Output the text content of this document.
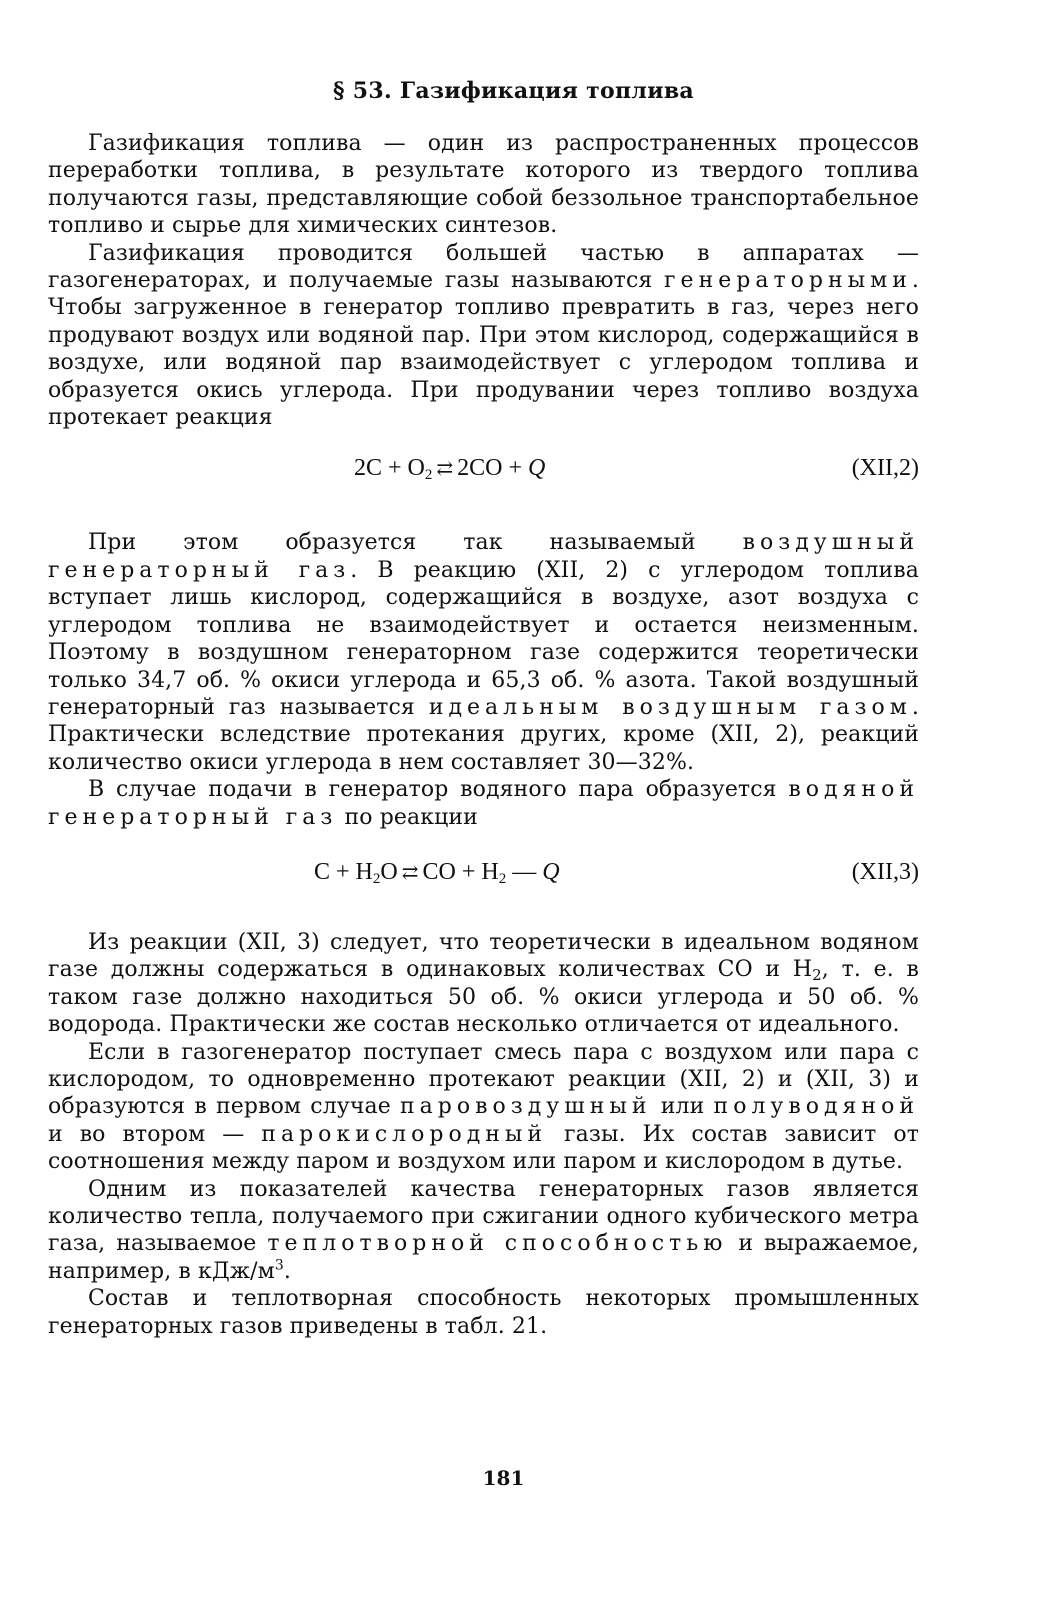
§ 53. Газификация топлива

Газификация топлива — один из распространенных процессов переработки топлива, в результате которого из твердого топлива получаются газы, представляющие собой беззольное транспортабельное топливо и сырье для химических синтезов.

Газификация проводится большей частью в аппаратах — газогенераторах, и получаемые газы называются генераторными. Чтобы загруженное в генератор топливо превратить в газ, через него продувают воздух или водяной пар. При этом кислород, содержащийся в воздухе, или водяной пар взаимодействует с углеродом топлива и образуется окись углерода. При продувании через топливо воздуха протекает реакция

$2C + O_2$ ⇄ 2CO + Q	(XII,2)

При этом образуется так называемый воздушный генераторный газ. В реакцию (XII, 2) с углеродом топлива вступает лишь кислород, содержащийся в воздухе, азот воздуха с углеродом топлива не взаимодействует и остается неизменным. Поэтому в воздушном генераторном газе содержится теоретически только 34,7 об. % окиси углерода и 65,3 об. % азота. Такой воздушный генераторный газ называется идеальным воздушным газом. Практически вследствие протекания других, кроме (XII, 2), реакций количество окиси углерода в нем составляет 30—32%.

В случае подачи в генератор водяного пара образуется водяной генераторный газ по реакции

$C + H_2O$ ⇄ CO + $H_2$ — Q	(XII,3)

Из реакции (XII, 3) следует, что теоретически в идеальном водяном газе должны содержаться в одинаковых количествах CO и $H_2$, т. е. в таком газе должно находиться 50 об. % окиси углерода и 50 об. % водорода. Практически же состав несколько отличается от идеального.

Если в газогенератор поступает смесь пара с воздухом или пара с кислородом, то одновременно протекают реакции (XII, 2) и (XII, 3) и образуются в первом случае паровоздушный или полуводяной и во втором — парокислородный газы. Их состав зависит от соотношения между паром и воздухом или паром и кислородом в дутье.

Одним из показателей качества генераторных газов является количество тепла, получаемого при сжигании одного кубического метра газа, называемое теплотворной способностью и выражаемое, например, в кДж/$м^3$.

Состав и теплотворная способность некоторых промышленных генераторных газов приведены в табл. 21.

181
